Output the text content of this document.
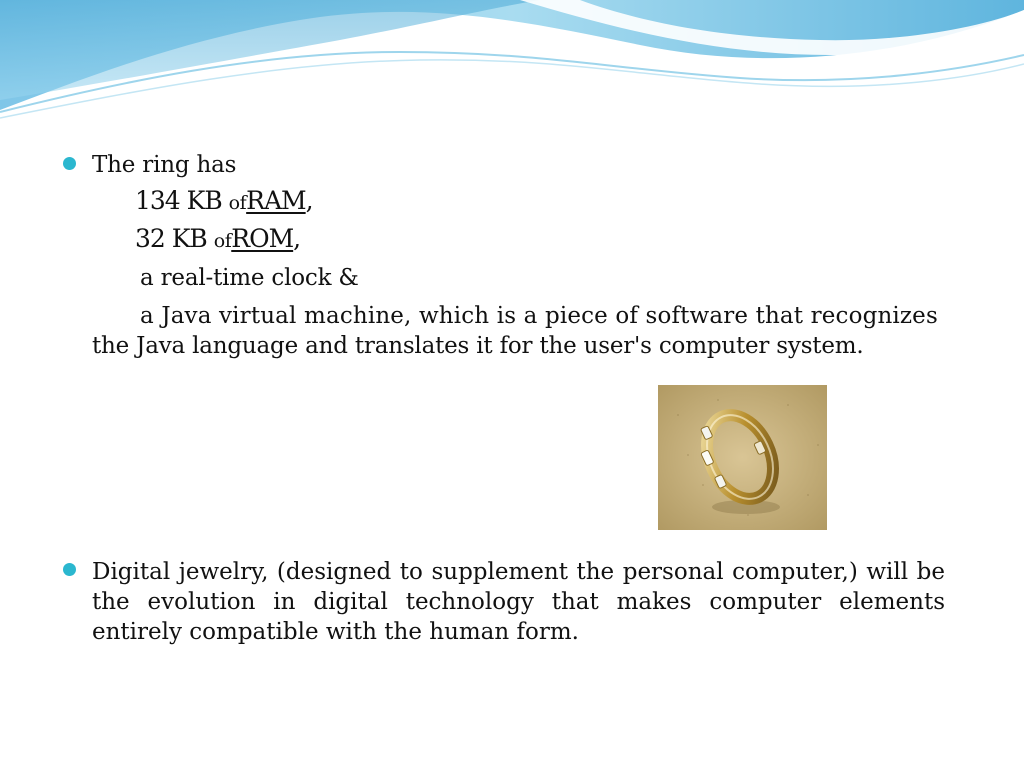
The ring has
134 KB ofRAM,
32 KB ofROM,
a real-time clock &
a Java virtual machine, which is a piece of software that recognizes
the Java language and translates it for the user's computer system.
Digital jewelry, (designed to supplement the personal computer,) will be the evolution in digital technology that makes computer elements entirely compatible with the human form.
